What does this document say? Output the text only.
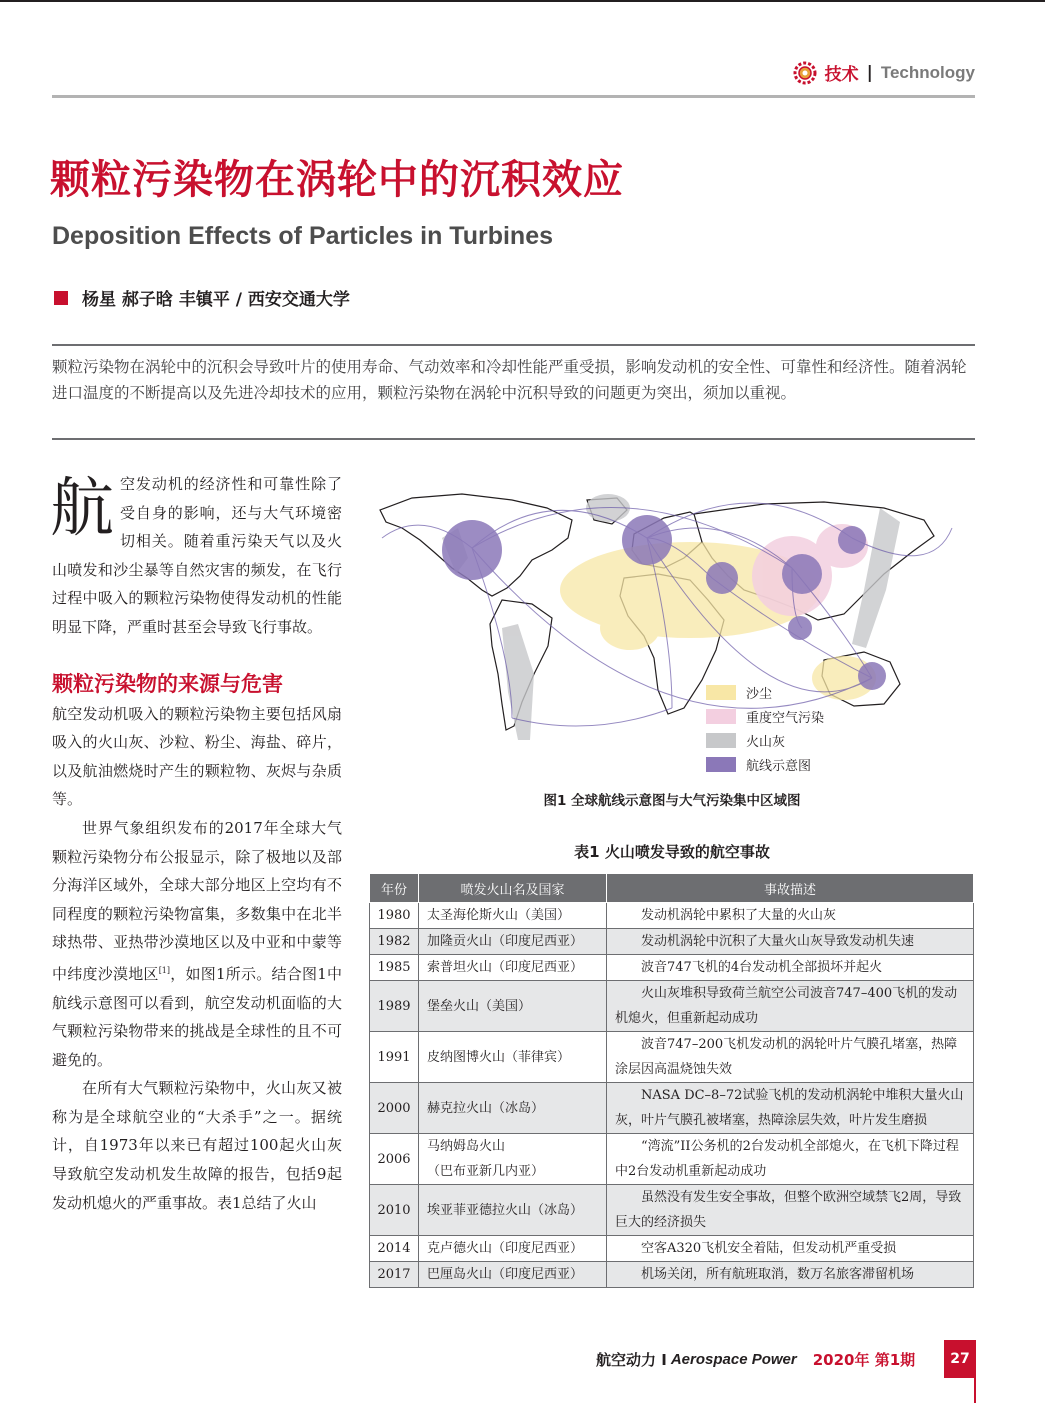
技术 | Technology
颗粒污染物在涡轮中的沉积效应
Deposition Effects of Particles in Turbines
杨星 郝子晗 丰镇平 / 西安交通大学

颗粒污染物在涡轮中的沉积会导致叶片的使用寿命、气动效率和冷却性能严重受损，影响发动机的安全性、可靠性和经济性。随着涡轮进口温度的不断提高以及先进冷却技术的应用，颗粒污染物在涡轮中沉积导致的问题更为突出，须加以重视。

航空发动机的经济性和可靠性除了受自身的影响，还与大气环境密切相关。随着重污染天气以及火山喷发和沙尘暴等自然灾害的频发，在飞行过程中吸入的颗粒污染物使得发动机的性能明显下降，严重时甚至会导致飞行事故。

颗粒污染物的来源与危害

航空发动机吸入的颗粒污染物主要包括风扇吸入的火山灰、沙粒、粉尘、海盐、碎片，以及航油燃烧时产生的颗粒物、灰烬与杂质等。

世界气象组织发布的2017年全球大气颗粒污染物分布公报显示，除了极地以及部分海洋区域外，全球大部分地区上空均有不同程度的颗粒污染物富集，多数集中在北半球热带、亚热带沙漠地区以及中亚和中蒙等中纬度沙漠地区[1]，如图1所示。结合图1中航线示意图可以看到，航空发动机面临的大气颗粒污染物带来的挑战是全球性的且不可避免的。

在所有大气颗粒污染物中，火山灰又被称为是全球航空业的“大杀手”之一。据统计，自1973年以来已有超过100起火山灰导致航空发动机发生故障的报告，包括9起发动机熄火的严重事故。表1总结了火山

沙尘
重度空气污染
火山灰
航线示意图
图1 全球航线示意图与大气污染集中区域图
表1 火山喷发导致的航空事故
年份	喷发火山名及国家	事故描述
1980	太圣海伦斯火山（美国）	发动机涡轮中累积了大量的火山灰
1982	加隆贡火山（印度尼西亚）	发动机涡轮中沉积了大量火山灰导致发动机失速
1985	索普坦火山（印度尼西亚）	波音747飞机的4台发动机全部损坏并起火
1989	堡垒火山（美国）	火山灰堆积导致荷兰航空公司波音747–400飞机的发动机熄火，但重新起动成功
1991	皮纳图博火山（菲律宾）	波音747–200飞机发动机的涡轮叶片气膜孔堵塞，热障涂层因高温烧蚀失效
2000	赫克拉火山（冰岛）	NASA DC–8–72试验飞机的发动机涡轮中堆积大量火山灰，叶片气膜孔被堵塞，热障涂层失效，叶片发生磨损
2006	马纳姆岛火山
（巴布亚新几内亚）	“湾流”II公务机的2台发动机全部熄火，在飞机下降过程中2台发动机重新起动成功
2010	埃亚菲亚德拉火山（冰岛）	虽然没有发生安全事故，但整个欧洲空域禁飞2周，导致巨大的经济损失
2014	克卢德火山（印度尼西亚）	空客A320飞机安全着陆，但发动机严重受损
2017	巴厘岛火山（印度尼西亚）	机场关闭，所有航班取消，数万名旅客滞留机场
航空动力 I Aerospace Power 2020年 第1期	27
